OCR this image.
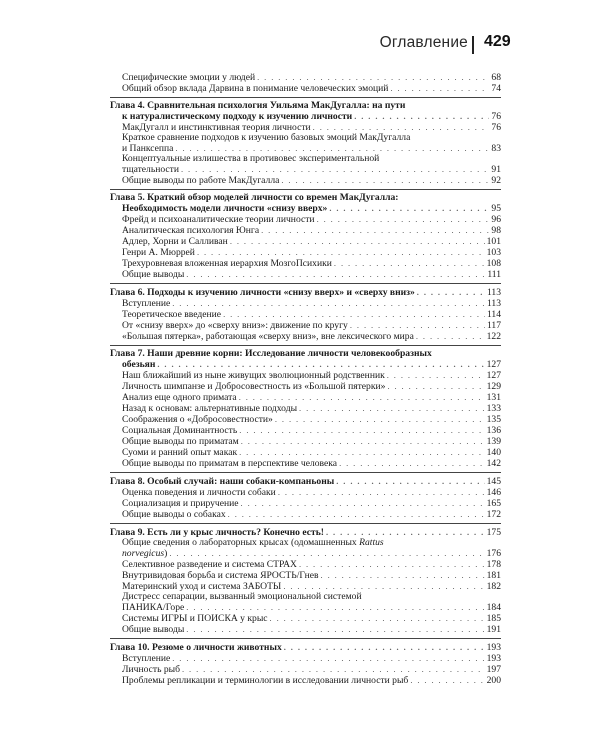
Оглавление 429
Специфические эмоции у людей . . .	68
Общий обзор вклада Дарвина в понимание человеческих эмоций . . .	74
Глава 4. Сравнительная психология Уильяма МакДугалла: на пути
к натуралистическому подходу к изучению личности . . .	76
МакДугалл и инстинктивная теория личности . . .	76
Краткое сравнение подходов к изучению базовых эмоций МакДугалла
и Панксеппа . . .	83
Концептуальные излишества в противовес экспериментальной
тщательности . . .	91
Общие выводы по работе МакДугалла . . .	92
Глава 5. Краткий обзор моделей личности со времен МакДугалла:
Необходимость модели личности «снизу вверх» . . .	95
Фрейд и психоаналитические теории личности . . .	96
Аналитическая психология Юнга . . .	98
Адлер, Хорни и Салливан . . .	101
Генри А. Мюррей . . .	103
Трехуровневая вложенная иерархия МозгоПсихики . . .	108
Общие выводы . . .	111
Глава 6. Подходы к изучению личности «снизу вверх» и «сверху вниз» . . .	113
Вступление . . .	113
Теоретическое введение . . .	114
От «снизу вверх» до «сверху вниз»: движение по кругу . . .	117
«Большая пятерка», работающая «сверху вниз», вне лексического мира . . .	122
Глава 7. Наши древние корни: Исследование личности человекообразных
обезьян . . .	127
Наш ближайший из ныне живущих эволюционный родственник . . .	127
Личность шимпанзе и Добросовестность из «Большой пятерки» . . .	129
Анализ еще одного примата . . .	131
Назад к основам: альтернативные подходы . . .	133
Соображения о «Добросовестности» . . .	135
Социальная Доминантность . . .	136
Общие выводы по приматам . . .	139
Суоми и ранний опыт макак . . .	140
Общие выводы по приматам в перспективе человека . . .	142
Глава 8. Особый случай: наши собаки-компаньоны . . .	145
Оценка поведения и личности собаки . . .	146
Социализация и приручение . . .	165
Общие выводы о собаках . . .	172
Глава 9. Есть ли у крыс личность? Конечно есть! . . .	175
Общие сведения о лабораторных крысах (одомашненных Rattus
norvegicus) . . .	176
Селективное разведение и система СТРАХ . . .	178
Внутривидовая борьба и система ЯРОСТЬ/Гнев . . .	181
Материнский уход и система ЗАБОТЫ . . .	182
Дистресс сепарации, вызванный эмоциональной системой
ПАНИКА/Горе . . .	184
Системы ИГРЫ и ПОИСКА у крыс . . .	185
Общие выводы . . .	191
Глава 10. Резюме о личности животных . . .	193
Вступление . . .	193
Личность рыб . . .	197
Проблемы репликации и терминологии в исследовании личности рыб . . .	200
